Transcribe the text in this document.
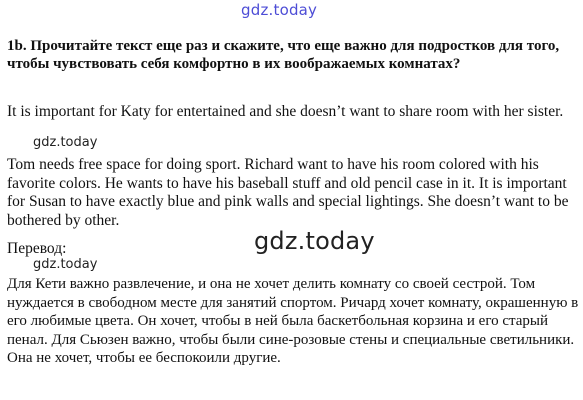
gdz.today

1b. Прочитайте текст еще раз и скажите, что еще важно для подростков для того, чтобы чувствовать себя комфортно в их воображаемых комнатах?

It is important for Katy for entertained and she doesn’t want to share room with her sister.

gdz.today

Tom needs free space for doing sport. Richard want to have his room colored with his favorite colors. He wants to have his baseball stuff and old pencil case in it. It is important for Susan to have exactly blue and pink walls and special lightings. She doesn’t want to be bothered by other.

gdz.today

Перевод:

gdz.today

Для Кети важно развлечение, и она не хочет делить комнату со своей сестрой. Том нуждается в свободном месте для занятий спортом. Ричард хочет комнату, окрашенную в его любимые цвета. Он хочет, чтобы в ней была баскетбольная корзина и его старый пенал. Для Сьюзен важно, чтобы были сине-розовые стены и специальные светильники. Она не хочет, чтобы ее беспокоили другие.
